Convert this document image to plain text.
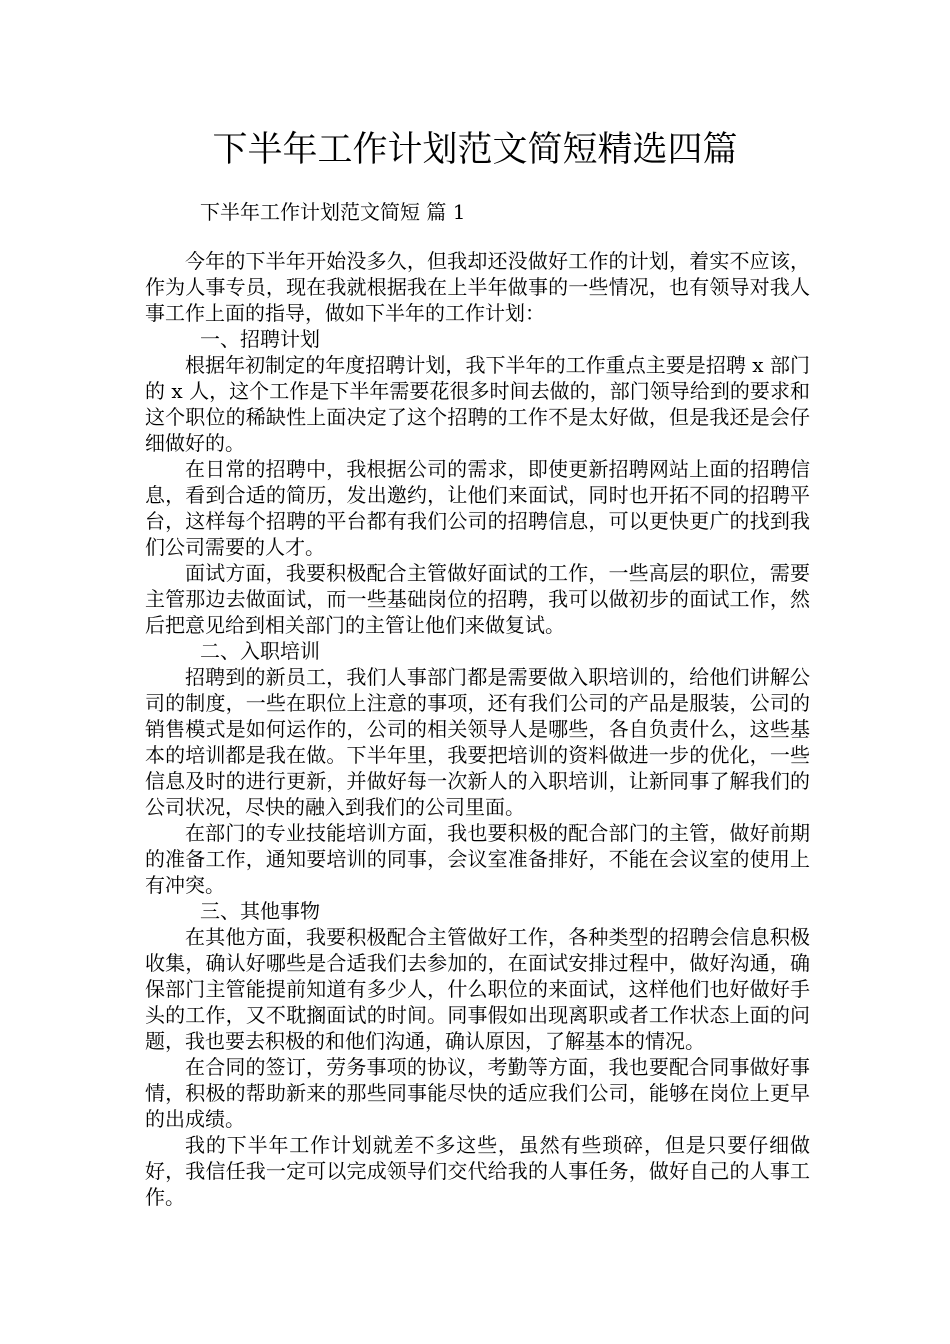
下半年工作计划范文简短精选四篇
下半年工作计划范文简短 篇 1

今年的下半年开始没多久，但我却还没做好工作的计划，着实不应该，作为人事专员，现在我就根据我在上半年做事的一些情况，也有领导对我人事工作上面的指导，做如下半年的工作计划：

一、招聘计划

根据年初制定的年度招聘计划，我下半年的工作重点主要是招聘 x 部门的 x 人，这个工作是下半年需要花很多时间去做的，部门领导给到的要求和这个职位的稀缺性上面决定了这个招聘的工作不是太好做，但是我还是会仔细做好的。

在日常的招聘中，我根据公司的需求，即使更新招聘网站上面的招聘信息，看到合适的简历，发出邀约，让他们来面试，同时也开拓不同的招聘平台，这样每个招聘的平台都有我们公司的招聘信息，可以更快更广的找到我们公司需要的人才。

面试方面，我要积极配合主管做好面试的工作，一些高层的职位，需要主管那边去做面试，而一些基础岗位的招聘，我可以做初步的面试工作，然后把意见给到相关部门的主管让他们来做复试。

二、入职培训

招聘到的新员工，我们人事部门都是需要做入职培训的，给他们讲解公司的制度，一些在职位上注意的事项，还有我们公司的产品是服装，公司的销售模式是如何运作的，公司的相关领导人是哪些，各自负责什么，这些基本的培训都是我在做。下半年里，我要把培训的资料做进一步的优化，一些信息及时的进行更新，并做好每一次新人的入职培训，让新同事了解我们的公司状况，尽快的融入到我们的公司里面。

在部门的专业技能培训方面，我也要积极的配合部门的主管，做好前期的准备工作，通知要培训的同事，会议室准备排好，不能在会议室的使用上有冲突。

三、其他事物

在其他方面，我要积极配合主管做好工作，各种类型的招聘会信息积极收集，确认好哪些是合适我们去参加的，在面试安排过程中，做好沟通，确保部门主管能提前知道有多少人，什么职位的来面试，这样他们也好做好手头的工作，又不耽搁面试的时间。同事假如出现离职或者工作状态上面的问题，我也要去积极的和他们沟通，确认原因，了解基本的情况。

在合同的签订，劳务事项的协议，考勤等方面，我也要配合同事做好事情，积极的帮助新来的那些同事能尽快的适应我们公司，能够在岗位上更早的出成绩。

我的下半年工作计划就差不多这些，虽然有些琐碎，但是只要仔细做好，我信任我一定可以完成领导们交代给我的人事任务，做好自己的人事工作。
